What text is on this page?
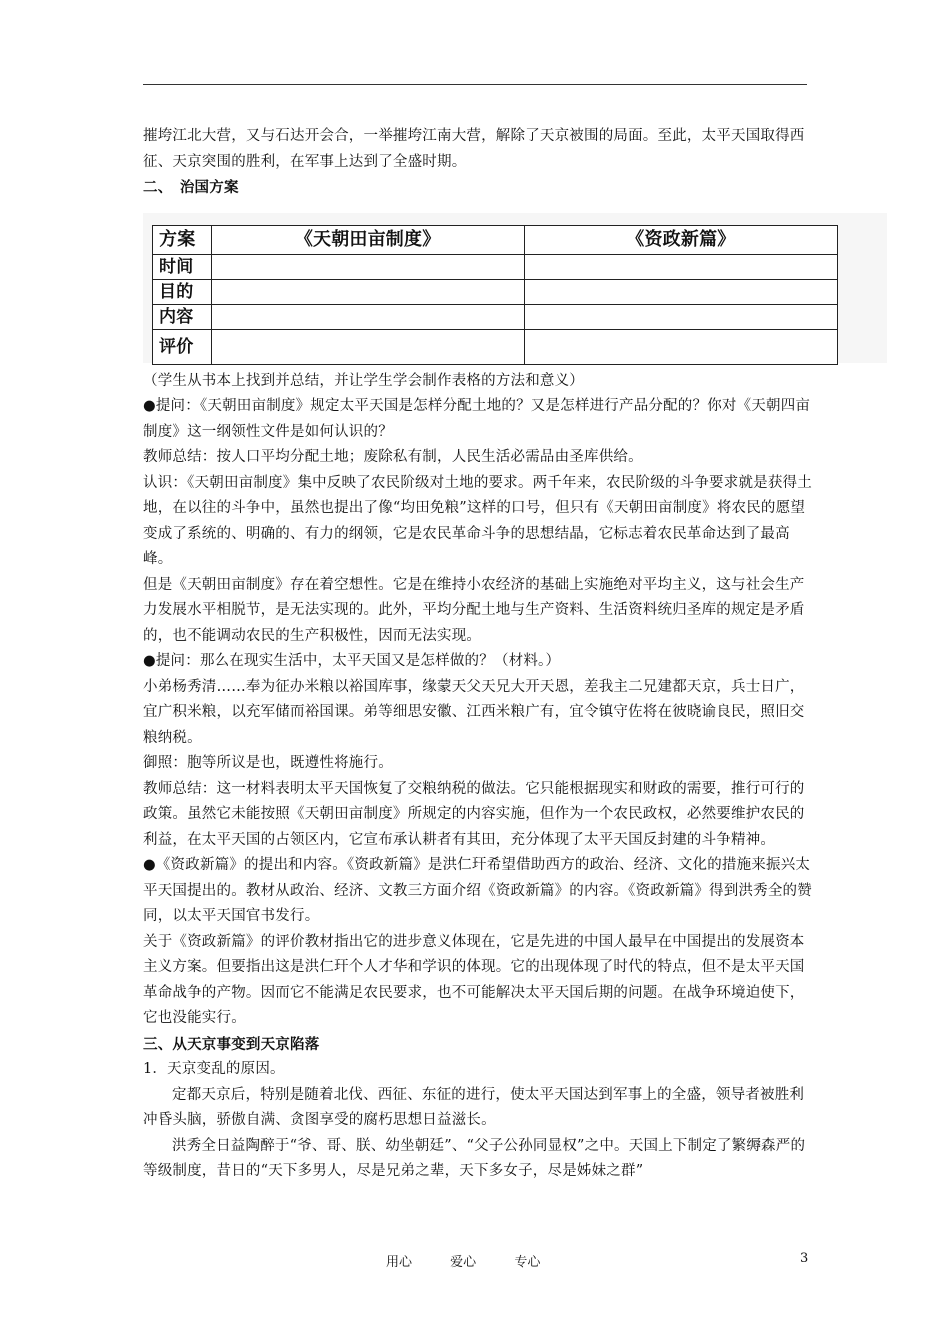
摧垮江北大营，又与石达开会合，一举摧垮江南大营，解除了天京被围的局面。至此，太平天国取得西征、天京突围的胜利，在军事上达到了全盛时期。

二、　治国方案

方案	《天朝田亩制度》	《资政新篇》
时间		
目的		
内容		
评价		

（学生从书本上找到并总结，并让学生学会制作表格的方法和意义）

●提问：《天朝田亩制度》规定太平天国是怎样分配土地的？又是怎样进行产品分配的？你对《天朝四亩制度》这一纲领性文件是如何认识的？

教师总结：按人口平均分配土地；废除私有制，人民生活必需品由圣库供给。

认识：《天朝田亩制度》集中反映了农民阶级对土地的要求。两千年来，农民阶级的斗争要求就是获得土地，在以往的斗争中，虽然也提出了像“均田免粮”这样的口号，但只有《天朝田亩制度》将农民的愿望变成了系统的、明确的、有力的纲领，它是农民革命斗争的思想结晶，它标志着农民革命达到了最高峰。

但是《天朝田亩制度》存在着空想性。它是在维持小农经济的基础上实施绝对平均主义，这与社会生产力发展水平相脱节，是无法实现的。此外，平均分配土地与生产资料、生活资料统归圣库的规定是矛盾的，也不能调动农民的生产积极性，因而无法实现。

●提问：那么在现实生活中，太平天国又是怎样做的？（材料。）

小弟杨秀清……奉为征办米粮以裕国库事，缘蒙天父天兄大开天恩，差我主二兄建都天京，兵士日广，宜广积米粮，以充军储而裕国课。弟等细思安徽、江西米粮广有，宜令镇守佐将在彼晓谕良民，照旧交粮纳税。

御照：胞等所议是也，既遵性将施行。

教师总结：这一材料表明太平天国恢复了交粮纳税的做法。它只能根据现实和财政的需要，推行可行的政策。虽然它未能按照《天朝田亩制度》所规定的内容实施，但作为一个农民政权，必然要维护农民的利益，在太平天国的占领区内，它宣布承认耕者有其田，充分体现了太平天国反封建的斗争精神。

●《资政新篇》的提出和内容。《资政新篇》是洪仁玕希望借助西方的政治、经济、文化的措施来振兴太平天国提出的。教材从政治、经济、文教三方面介绍《资政新篇》的内容。《资政新篇》得到洪秀全的赞同，以太平天国官书发行。

关于《资政新篇》的评价教材指出它的进步意义体现在，它是先进的中国人最早在中国提出的发展资本主义方案。但要指出这是洪仁玕个人才华和学识的体现。它的出现体现了时代的特点，但不是太平天国革命战争的产物。因而它不能满足农民要求，也不可能解决太平天国后期的问题。在战争环境迫使下，它也没能实行。

三、从天京事变到天京陷落

1．天京变乱的原因。

定都天京后，特别是随着北伐、西征、东征的进行，使太平天国达到军事上的全盛，领导者被胜利冲昏头脑，骄傲自满、贪图享受的腐朽思想日益滋长。

洪秀全日益陶醉于“爷、哥、朕、幼坐朝廷”、“父子公孙同显权”之中。天国上下制定了繁缛森严的等级制度，昔日的“天下多男人，尽是兄弟之辈，天下多女子，尽是姊妹之群”

用心	爱心	专心	3
